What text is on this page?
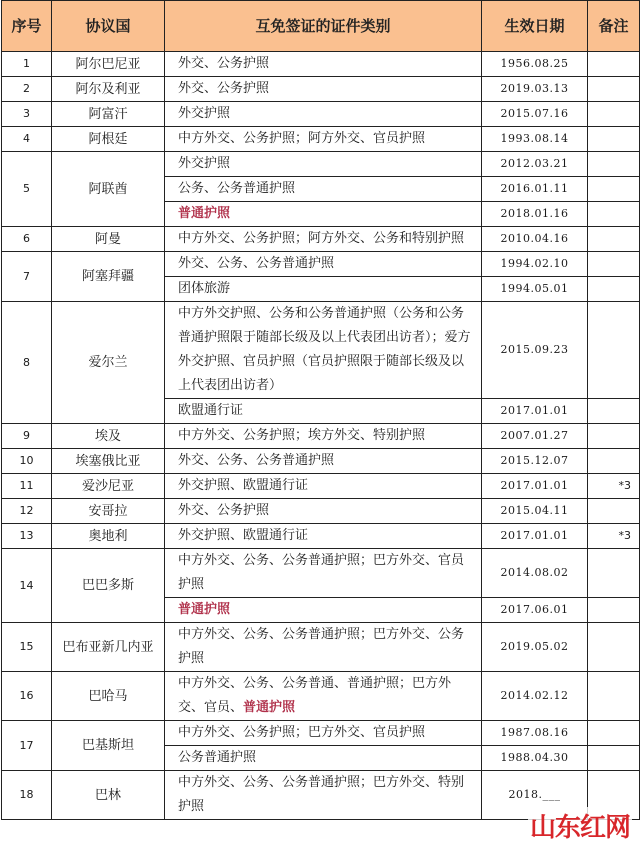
序号	协议国	互免签证的证件类别	生效日期	备注
1	阿尔巴尼亚	外交、公务护照	1956.08.25	
2	阿尔及利亚	外交、公务护照	2019.03.13	
3	阿富汗	外交护照	2015.07.16	
4	阿根廷	中方外交、公务护照；阿方外交、官员护照	1993.08.14	
5	阿联酋	外交护照	2012.03.21	
		公务、公务普通护照	2016.01.11	
		普通护照	2018.01.16	
6	阿曼	中方外交、公务护照；阿方外交、公务和特别护照	2010.04.16	
7	阿塞拜疆	外交、公务、公务普通护照	1994.02.10	
		团体旅游	1994.05.01	
8	爱尔兰	中方外交护照、公务和公务普通护照（公务和公务普通护照限于随部长级及以上代表团出访者）；爱方外交护照、官员护照（官员护照限于随部长级及以上代表团出访者）	2015.09.23	
		欧盟通行证	2017.01.01	
9	埃及	中方外交、公务护照；埃方外交、特别护照	2007.01.27	
10	埃塞俄比亚	外交、公务、公务普通护照	2015.12.07	
11	爱沙尼亚	外交护照、欧盟通行证	2017.01.01	*3
12	安哥拉	外交、公务护照	2015.04.11	
13	奥地利	外交护照、欧盟通行证	2017.01.01	*3
14	巴巴多斯	中方外交、公务、公务普通护照；巴方外交、官员护照	2014.08.02	
		普通护照	2017.06.01	
15	巴布亚新几内亚	中方外交、公务、公务普通护照；巴方外交、公务护照	2019.05.02	
16	巴哈马	中方外交、公务、公务普通、普通护照；巴方外交、官员、普通护照	2014.02.12	
17	巴基斯坦	中方外交、公务护照；巴方外交、官员护照	1987.08.16	
		公务普通护照	1988.04.30	
18	巴林	中方外交、公务、公务普通护照；巴方外交、特别护照	2018.___	
山东红网
